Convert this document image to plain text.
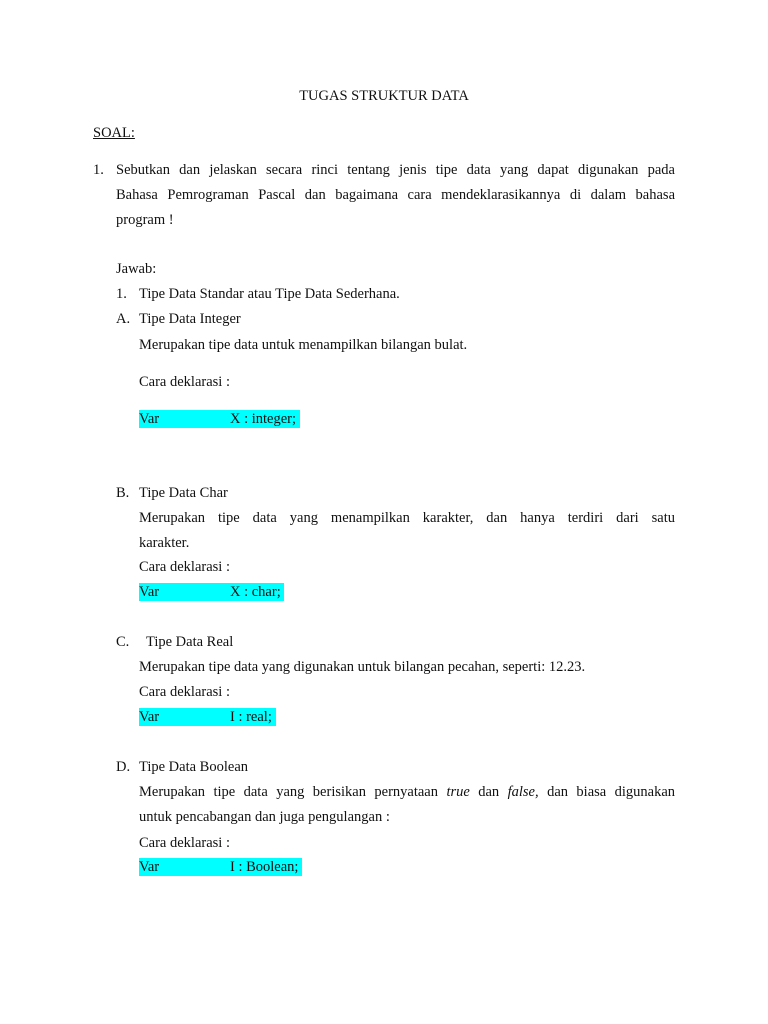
TUGAS STRUKTUR DATA
SOAL:
1. Sebutkan dan jelaskan secara rinci tentang jenis tipe data yang dapat digunakan pada
Bahasa Pemrograman Pascal dan bagaimana cara mendeklarasikannya di dalam bahasa
program !
Jawab:
1. Tipe Data Standar atau Tipe Data Sederhana.
A. Tipe Data Integer
Merupakan tipe data untuk menampilkan bilangan bulat.
Cara deklarasi :
Var	X : integer;
B. Tipe Data Char
Merupakan tipe data yang menampilkan karakter, dan hanya terdiri dari satu
karakter.
Cara deklarasi :
Var	X : char;
C. Tipe Data Real
Merupakan tipe data yang digunakan untuk bilangan pecahan, seperti: 12.23.
Cara deklarasi :
Var	I : real;
D. Tipe Data Boolean
Merupakan tipe data yang berisikan pernyataan true dan false, dan biasa digunakan
untuk pencabangan dan juga pengulangan :
Cara deklarasi :
Var	I : Boolean;
